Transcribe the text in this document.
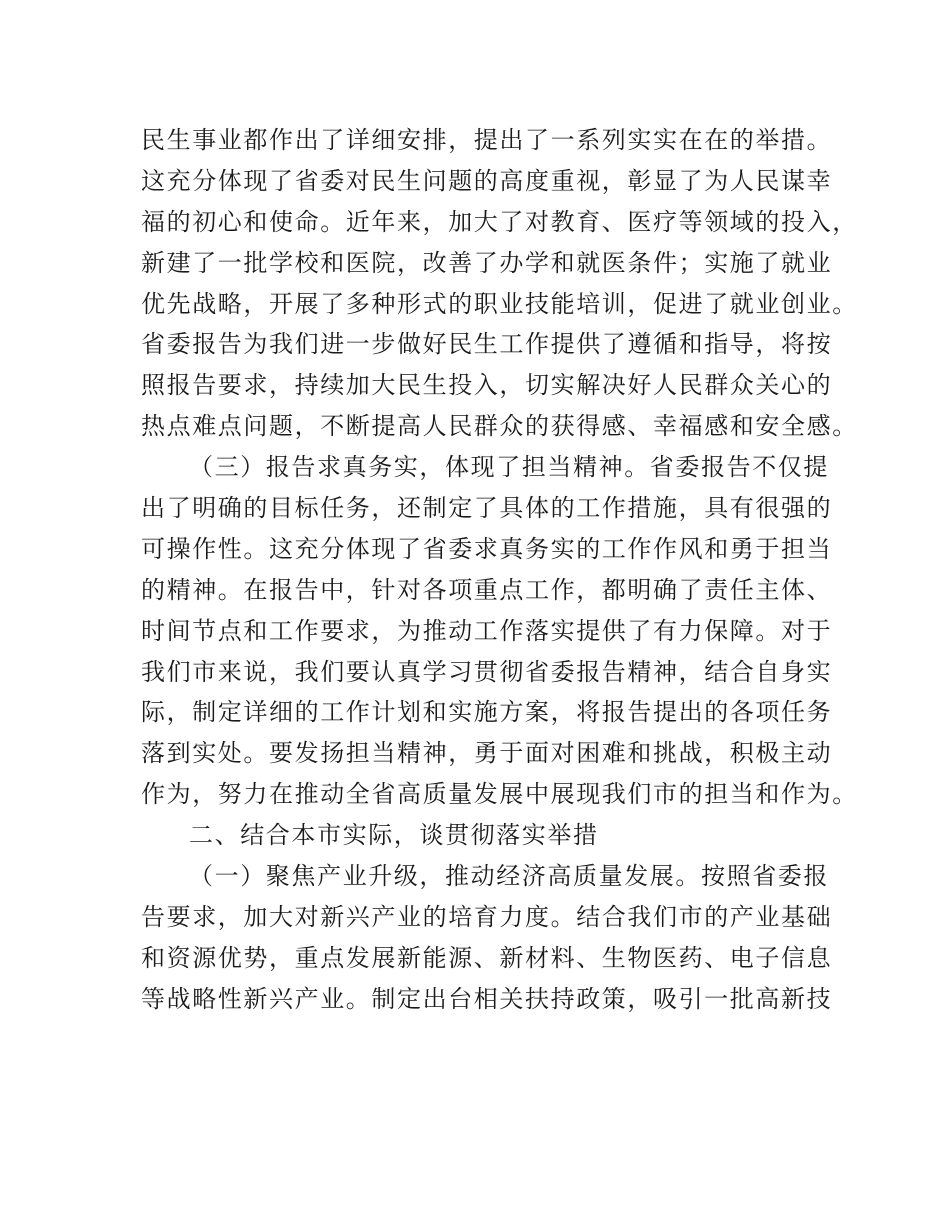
民生事业都作出了详细安排，提出了一系列实实在在的举措。
这充分体现了省委对民生问题的高度重视，彰显了为人民谋幸
福的初心和使命。近年来，加大了对教育、医疗等领域的投入，
新建了一批学校和医院，改善了办学和就医条件；实施了就业
优先战略，开展了多种形式的职业技能培训，促进了就业创业。
省委报告为我们进一步做好民生工作提供了遵循和指导，将按
照报告要求，持续加大民生投入，切实解决好人民群众关心的
热点难点问题，不断提高人民群众的获得感、幸福感和安全感。
（三）报告求真务实，体现了担当精神。省委报告不仅提
出了明确的目标任务，还制定了具体的工作措施，具有很强的
可操作性。这充分体现了省委求真务实的工作作风和勇于担当
的精神。在报告中，针对各项重点工作，都明确了责任主体、
时间节点和工作要求，为推动工作落实提供了有力保障。对于
我们市来说，我们要认真学习贯彻省委报告精神，结合自身实
际，制定详细的工作计划和实施方案，将报告提出的各项任务
落到实处。要发扬担当精神，勇于面对困难和挑战，积极主动
作为，努力在推动全省高质量发展中展现我们市的担当和作为。
二、结合本市实际，谈贯彻落实举措
（一）聚焦产业升级，推动经济高质量发展。按照省委报
告要求，加大对新兴产业的培育力度。结合我们市的产业基础
和资源优势，重点发展新能源、新材料、生物医药、电子信息
等战略性新兴产业。制定出台相关扶持政策，吸引一批高新技
